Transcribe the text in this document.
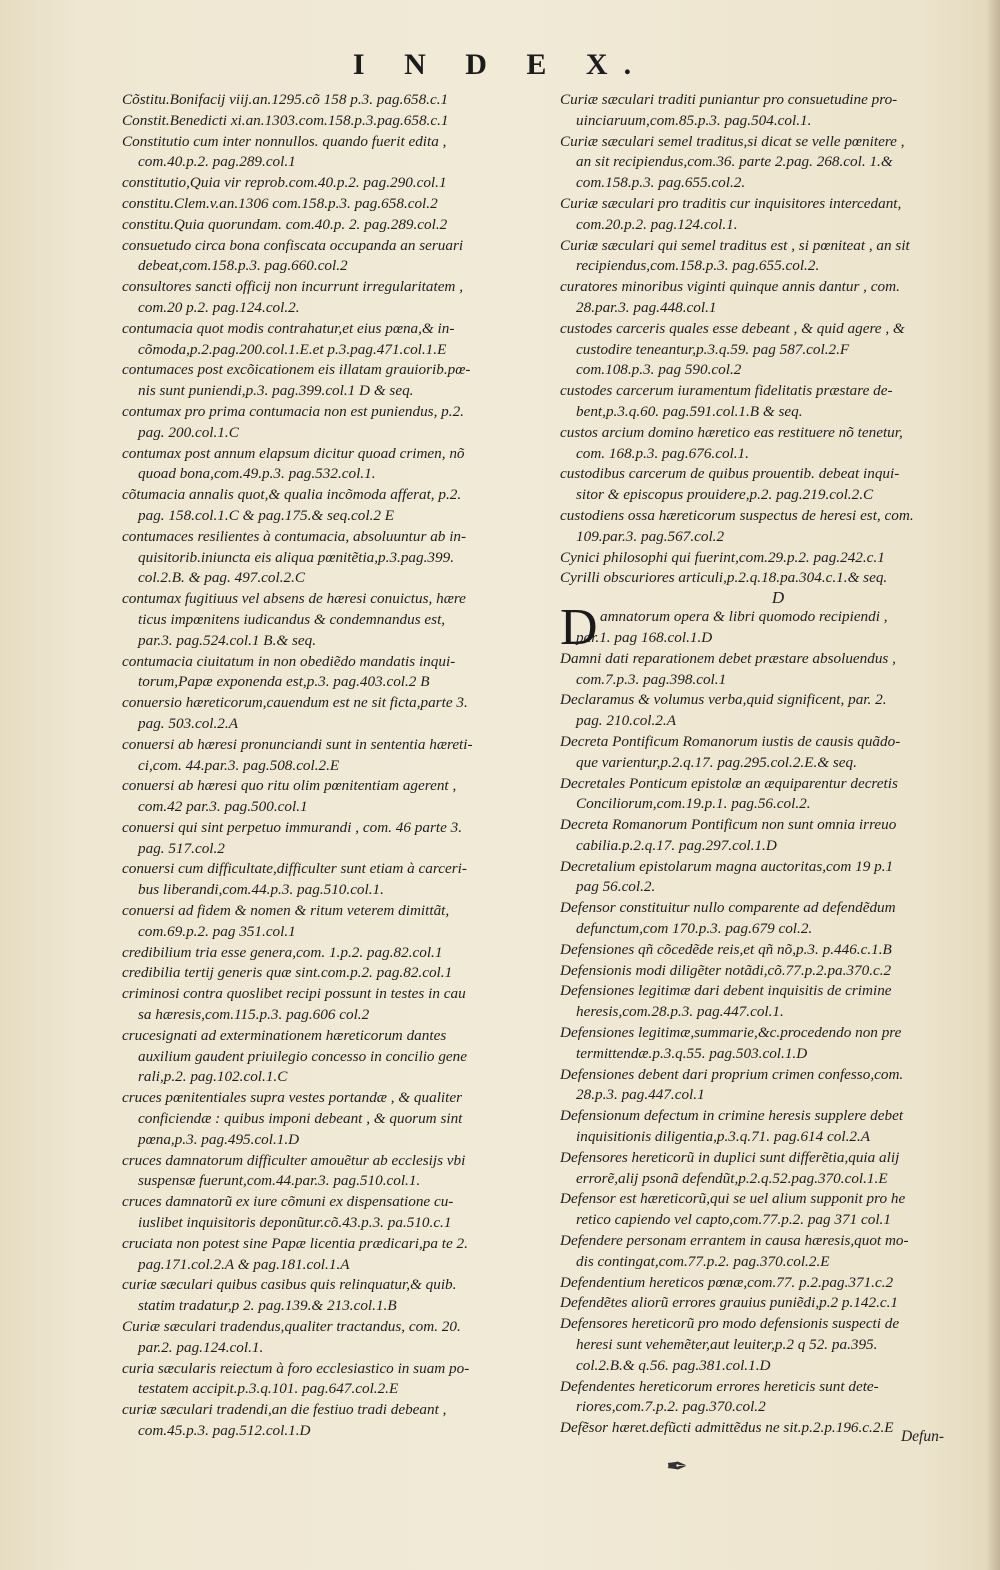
I N D E X.
Cõstitu.Bonifacij viij.an.1295.cõ 158 p.3. pag.658.c.1
Constit.Benedicti xi.an.1303.com.158.p.3.pag.658.c.1
Constitutio cum inter nonnullos. quando fuerit edita ,
com.40.p.2. pag.289.col.1
constitutio,Quia vir reprob.com.40.p.2. pag.290.col.1
constitu.Clem.v.an.1306 com.158.p.3. pag.658.col.2
constitu.Quia quorundam. com.40.p. 2. pag.289.col.2
consuetudo circa bona confiscata occupanda an seruari
debeat,com.158.p.3. pag.660.col.2
consultores sancti officij non incurrunt irregularitatem ,
com.20 p.2. pag.124.col.2.
contumacia quot modis contrahatur,et eius pœna,& in-
cõmoda,p.2.pag.200.col.1.E.et p.3.pag.471.col.1.E
contumaces post excõicationem eis illatam grauiorib.pœ-
nis sunt puniendi,p.3. pag.399.col.1 D & seq.
contumax pro prima contumacia non est puniendus, p.2.
pag. 200.col.1.C
contumax post annum elapsum dicitur quoad crimen, nõ
quoad bona,com.49.p.3. pag.532.col.1.
cõtumacia annalis quot,& qualia incõmoda afferat, p.2.
pag. 158.col.1.C & pag.175.& seq.col.2 E
contumaces resilientes à contumacia, absoluuntur ab in-
quisitorib.iniuncta eis aliqua pœnitẽtia,p.3.pag.399.
col.2.B. & pag. 497.col.2.C
contumax fugitiuus vel absens de hæresi conuictus, hære
ticus impœnitens iudicandus & condemnandus est,
par.3. pag.524.col.1 B.& seq.
contumacia ciuitatum in non obediẽdo mandatis inqui-
torum,Papæ exponenda est,p.3. pag.403.col.2 B
conuersio hæreticorum,cauendum est ne sit ficta,parte 3.
pag. 503.col.2.A
conuersi ab hæresi pronunciandi sunt in sententia hæreti-
ci,com. 44.par.3. pag.508.col.2.E
conuersi ab hæresi quo ritu olim pœnitentiam agerent ,
com.42 par.3. pag.500.col.1
conuersi qui sint perpetuo immurandi , com. 46 parte 3.
pag. 517.col.2
conuersi cum difficultate,difficulter sunt etiam à carceri-
bus liberandi,com.44.p.3. pag.510.col.1.
conuersi ad fidem & nomen & ritum veterem dimittãt,
com.69.p.2. pag 351.col.1
credibilium tria esse genera,com. 1.p.2. pag.82.col.1
credibilia tertij generis quæ sint.com.p.2. pag.82.col.1
criminosi contra quoslibet recipi possunt in testes in cau
sa hæresis,com.115.p.3. pag.606 col.2
crucesignati ad exterminationem hæreticorum dantes
auxilium gaudent priuilegio concesso in concilio gene
rali,p.2. pag.102.col.1.C
cruces pœnitentiales supra vestes portandæ , & qualiter
conficiendæ : quibus imponi debeant , & quorum sint
pœna,p.3. pag.495.col.1.D
cruces damnatorum difficulter amouẽtur ab ecclesijs vbi
suspensæ fuerunt,com.44.par.3. pag.510.col.1.
cruces damnatorũ ex iure cõmuni ex dispensatione cu-
iuslibet inquisitoris deponũtur.cõ.43.p.3. pa.510.c.1
cruciata non potest sine Papæ licentia prædicari,pa te 2.
pag.171.col.2.A & pag.181.col.1.A
curiæ sæculari quibus casibus quis relinquatur,& quib.
statim tradatur,p 2. pag.139.& 213.col.1.B
Curiæ sæculari tradendus,qualiter tractandus, com. 20.
par.2. pag.124.col.1.
curia sæcularis reiectum à foro ecclesiastico in suam po-
testatem accipit.p.3.q.101. pag.647.col.2.E
curiæ sæculari tradendi,an die festiuo tradi debeant ,
com.45.p.3. pag.512.col.1.D
Curiæ sæculari traditi puniantur pro consuetudine pro-
uinciaruum,com.85.p.3. pag.504.col.1.
Curiæ sæculari semel traditus,si dicat se velle pœnitere ,
an sit recipiendus,com.36. parte 2.pag. 268.col. 1.&
com.158.p.3. pag.655.col.2.
Curiæ sæculari pro traditis cur inquisitores intercedant,
com.20.p.2. pag.124.col.1.
Curiæ sæculari qui semel traditus est , si pœniteat , an sit
recipiendus,com.158.p.3. pag.655.col.2.
curatores minoribus viginti quinque annis dantur , com.
28.par.3. pag.448.col.1
custodes carceris quales esse debeant , & quid agere , &
custodire teneantur,p.3.q.59. pag 587.col.2.F
com.108.p.3. pag 590.col.2
custodes carcerum iuramentum fidelitatis præstare de-
bent,p.3.q.60. pag.591.col.1.B & seq.
custos arcium domino hæretico eas restituere nõ tenetur,
com. 168.p.3. pag.676.col.1.
custodibus carcerum de quibus prouentib. debeat inqui-
sitor & episcopus prouidere,p.2. pag.219.col.2.C
custodiens ossa hæreticorum suspectus de heresi est, com.
109.par.3. pag.567.col.2
Cynici philosophi qui fuerint,com.29.p.2. pag.242.c.1
Cyrilli obscuriores articuli,p.2.q.18.pa.304.c.1.& seq.
D
D amnatorum opera & libri quomodo recipiendi ,
par.1. pag 168.col.1.D
Damni dati reparationem debet præstare absoluendus ,
com.7.p.3. pag.398.col.1
Declaramus & volumus verba,quid significent, par. 2.
pag. 210.col.2.A
Decreta Pontificum Romanorum iustis de causis quãdo-
que varientur,p.2.q.17. pag.295.col.2.E.& seq.
Decretales Ponticum epistolæ an æquiparentur decretis
Conciliorum,com.19.p.1. pag.56.col.2.
Decreta Romanorum Pontificum non sunt omnia irreuo
cabilia.p.2.q.17. pag.297.col.1.D
Decretalium epistolarum magna auctoritas,com 19 p.1
pag 56.col.2.
Defensor constituitur nullo comparente ad defendẽdum
defunctum,com 170.p.3. pag.679 col.2.
Defensiones qñ cõcedẽde reis,et qñ nõ,p.3. p.446.c.1.B
Defensionis modi diligẽter notãdi,cõ.77.p.2.pa.370.c.2
Defensiones legitimæ dari debent inquisitis de crimine
heresis,com.28.p.3. pag.447.col.1.
Defensiones legitimæ,summarie,&c.procedendo non pre
termittendæ.p.3.q.55. pag.503.col.1.D
Defensiones debent dari proprium crimen confesso,com.
28.p.3. pag.447.col.1
Defensionum defectum in crimine heresis supplere debet
inquisitionis diligentia,p.3.q.71. pag.614 col.2.A
Defensores hereticorũ in duplici sunt differẽtia,quia alij
errorẽ,alij psonã defendũt,p.2.q.52.pag.370.col.1.E
Defensor est hæreticorũ,qui se uel alium supponit pro he
retico capiendo vel capto,com.77.p.2. pag 371 col.1
Defendere personam errantem in causa hæresis,quot mo-
dis contingat,com.77.p.2. pag.370.col.2.E
Defendentium hereticos pœnæ,com.77. p.2.pag.371.c.2
Defendẽtes aliorũ errores grauius puniẽdi,p.2 p.142.c.1
Defensores hereticorũ pro modo defensionis suspecti de
heresi sunt vehemẽter,aut leuiter,p.2 q 52. pa.395.
col.2.B.& q.56. pag.381.col.1.D
Defendentes hereticorum errores hereticis sunt dete-
riores,com.7.p.2. pag.370.col.2
Defẽsor hæret.defũcti admittẽdus ne sit.p.2.p.196.c.2.E
Defun-
✒
